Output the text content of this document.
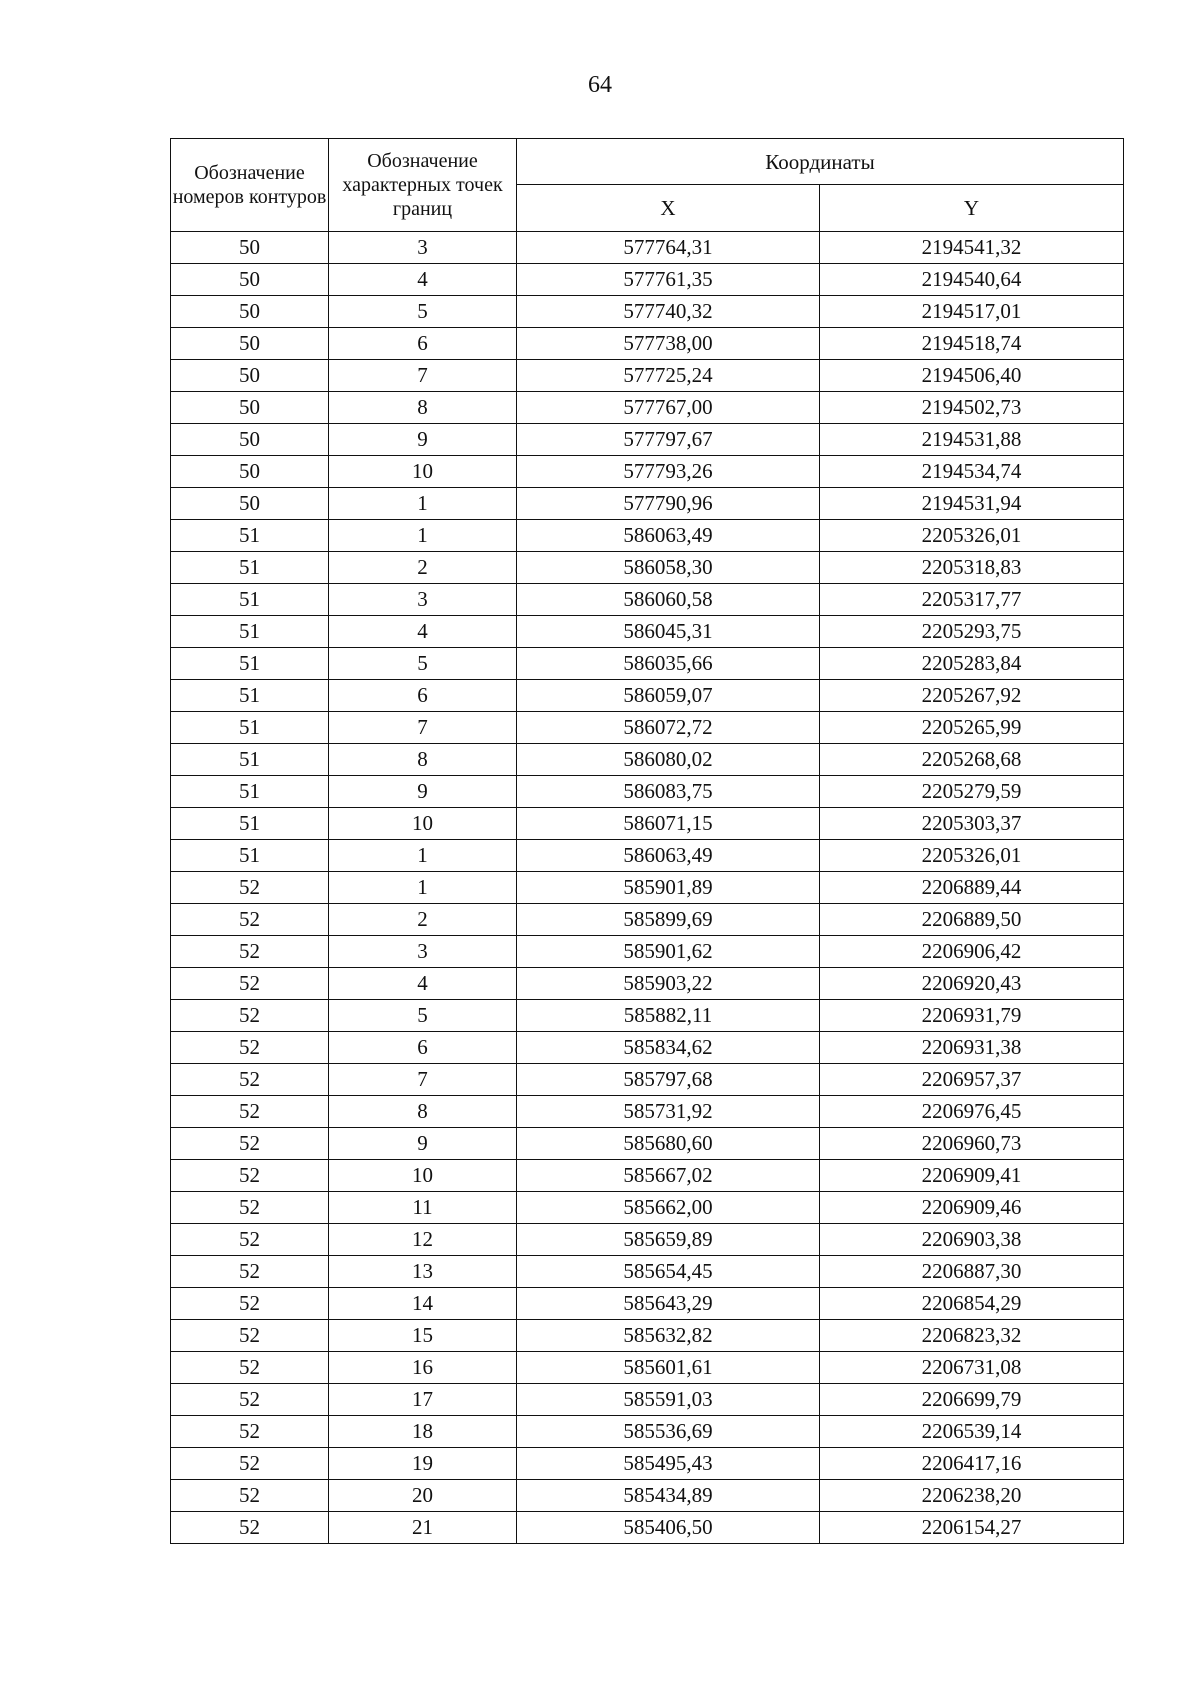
64
Обозначение номеров контуров	Обозначение характерных точек границ	Координаты	
		X	Y
50	3	577764,31	2194541,32
50	4	577761,35	2194540,64
50	5	577740,32	2194517,01
50	6	577738,00	2194518,74
50	7	577725,24	2194506,40
50	8	577767,00	2194502,73
50	9	577797,67	2194531,88
50	10	577793,26	2194534,74
50	1	577790,96	2194531,94
51	1	586063,49	2205326,01
51	2	586058,30	2205318,83
51	3	586060,58	2205317,77
51	4	586045,31	2205293,75
51	5	586035,66	2205283,84
51	6	586059,07	2205267,92
51	7	586072,72	2205265,99
51	8	586080,02	2205268,68
51	9	586083,75	2205279,59
51	10	586071,15	2205303,37
51	1	586063,49	2205326,01
52	1	585901,89	2206889,44
52	2	585899,69	2206889,50
52	3	585901,62	2206906,42
52	4	585903,22	2206920,43
52	5	585882,11	2206931,79
52	6	585834,62	2206931,38
52	7	585797,68	2206957,37
52	8	585731,92	2206976,45
52	9	585680,60	2206960,73
52	10	585667,02	2206909,41
52	11	585662,00	2206909,46
52	12	585659,89	2206903,38
52	13	585654,45	2206887,30
52	14	585643,29	2206854,29
52	15	585632,82	2206823,32
52	16	585601,61	2206731,08
52	17	585591,03	2206699,79
52	18	585536,69	2206539,14
52	19	585495,43	2206417,16
52	20	585434,89	2206238,20
52	21	585406,50	2206154,27
